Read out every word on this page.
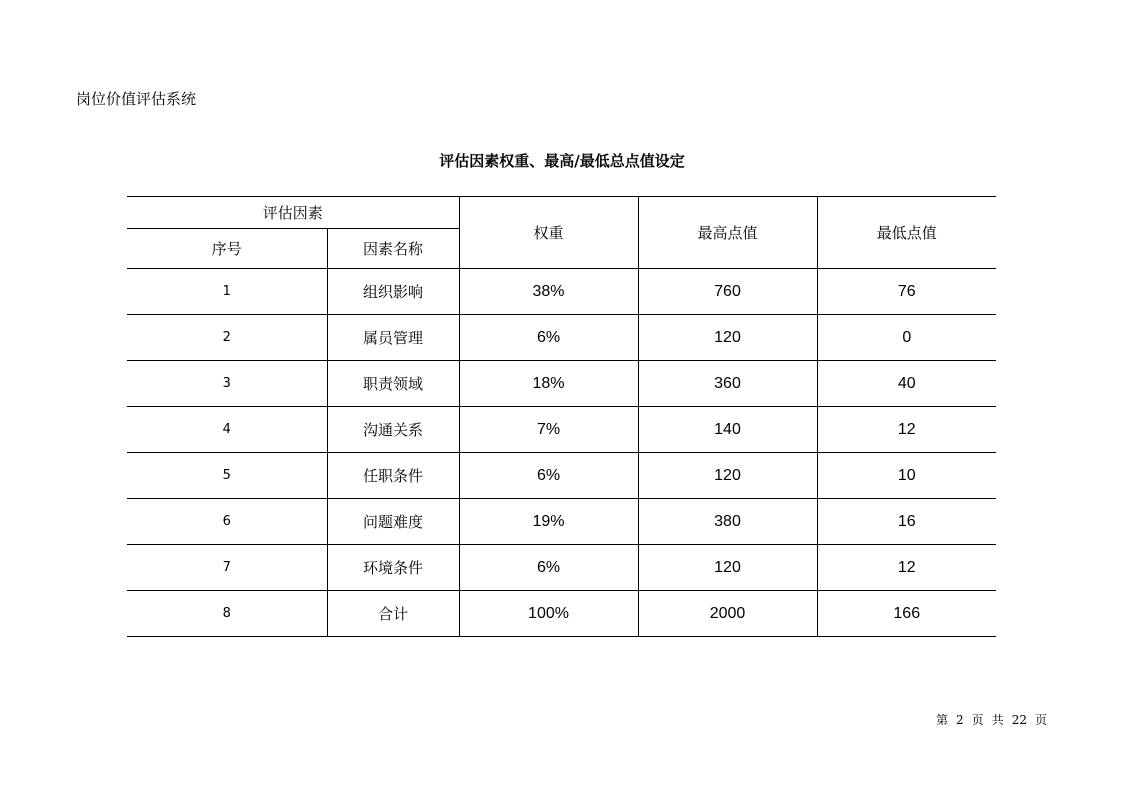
岗位价值评估系统
评估因素权重、最高/最低总点值设定
评估因素		权重	最高点值	最低点值
序号	因素名称			
1	组织影响	38%	760	76
2	属员管理	6%	120	0
3	职责领域	18%	360	40
4	沟通关系	7%	140	12
5	任职条件	6%	120	10
6	问题难度	19%	380	16
7	环境条件	6%	120	12
8	合计	100%	2000	166
第 2 页 共 22 页
